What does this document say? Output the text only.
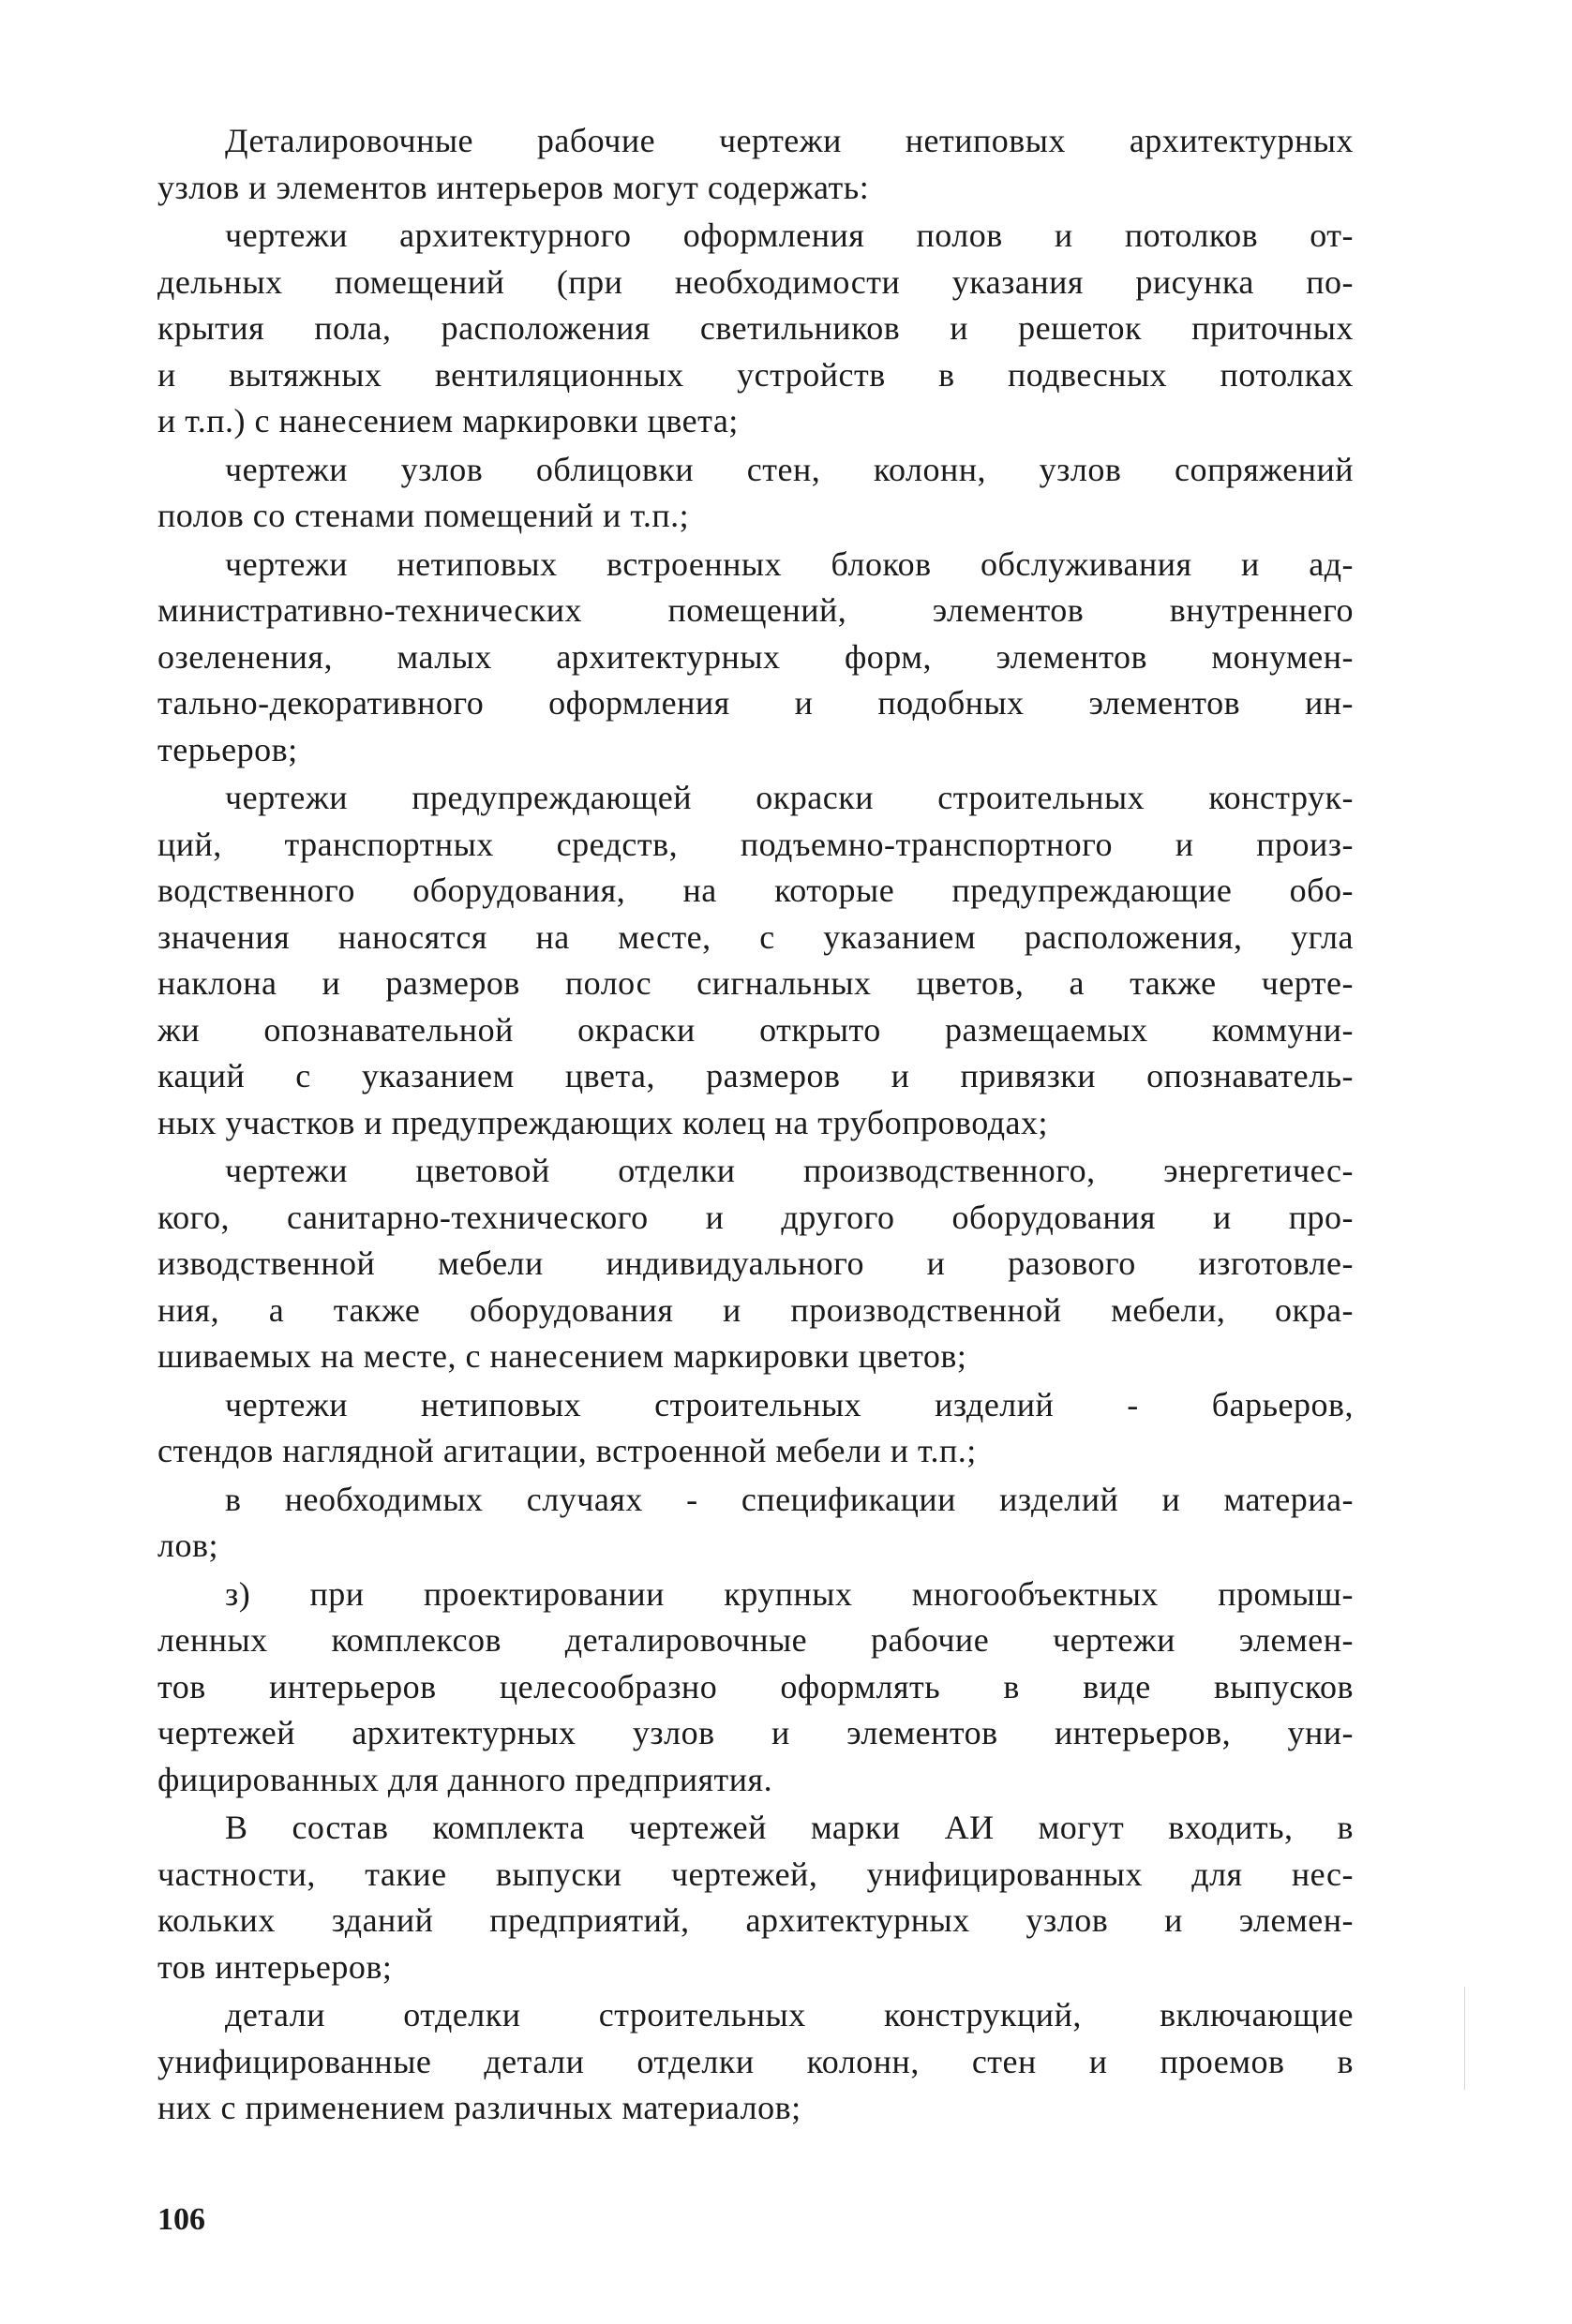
Деталировочные рабочие чертежи нетиповых архитектурных
узлов и элементов интерьеров могут содержать:

чертежи архитектурного оформления полов и потолков от-
дельных помещений (при необходимости указания рисунка по-
крытия пола, расположения светильников и решеток приточных
и вытяжных вентиляционных устройств в подвесных потолках
и т.п.) с нанесением маркировки цвета;

чертежи узлов облицовки стен, колонн, узлов сопряжений
полов со стенами помещений и т.п.;

чертежи нетиповых встроенных блоков обслуживания и ад-
министративно-технических помещений, элементов внутреннего
озеленения, малых архитектурных форм, элементов монумен-
тально-декоративного оформления и подобных элементов ин-
терьеров;

чертежи предупреждающей окраски строительных конструк-
ций, транспортных средств, подъемно-транспортного и произ-
водственного оборудования, на которые предупреждающие обо-
значения наносятся на месте, с указанием расположения, угла
наклона и размеров полос сигнальных цветов, а также черте-
жи опознавательной окраски открыто размещаемых коммуни-
каций с указанием цвета, размеров и привязки опознаватель-
ных участков и предупреждающих колец на трубопроводах;

чертежи цветовой отделки производственного, энергетичес-
кого, санитарно-технического и другого оборудования и про-
изводственной мебели индивидуального и разового изготовле-
ния, а также оборудования и производственной мебели, окра-
шиваемых на месте, с нанесением маркировки цветов;

чертежи нетиповых строительных изделий - барьеров,
стендов наглядной агитации, встроенной мебели и т.п.;

в необходимых случаях - спецификации изделий и материа-
лов;

з) при проектировании крупных многообъектных промыш-
ленных комплексов деталировочные рабочие чертежи элемен-
тов интерьеров целесообразно оформлять в виде выпусков
чертежей архитектурных узлов и элементов интерьеров, уни-
фицированных для данного предприятия.

В состав комплекта чертежей марки АИ могут входить, в
частности, такие выпуски чертежей, унифицированных для нес-
кольких зданий предприятий, архитектурных узлов и элемен-
тов интерьеров;

детали отделки строительных конструкций, включающие
унифицированные детали отделки колонн, стен и проемов в
них с применением различных материалов;

106
